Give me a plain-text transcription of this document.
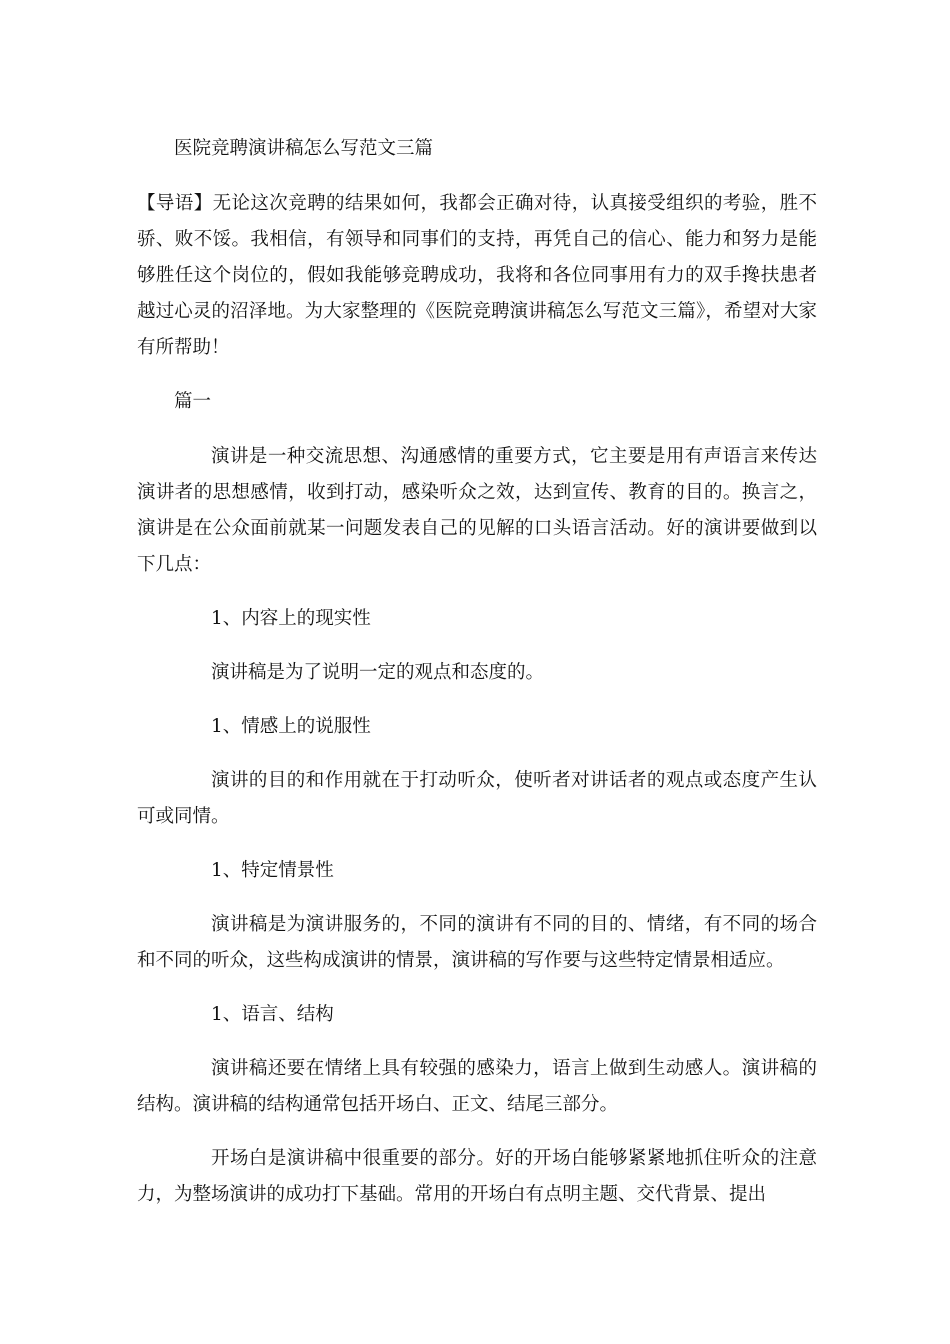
医院竞聘演讲稿怎么写范文三篇

【导语】无论这次竞聘的结果如何，我都会正确对待，认真接受组织的考验，胜不骄、败不馁。我相信，有领导和同事们的支持，再凭自己的信心、能力和努力是能够胜任这个岗位的，假如我能够竞聘成功，我将和各位同事用有力的双手搀扶患者越过心灵的沼泽地。为大家整理的《医院竞聘演讲稿怎么写范文三篇》，希望对大家有所帮助！

篇一

演讲是一种交流思想、沟通感情的重要方式，它主要是用有声语言来传达演讲者的思想感情，收到打动，感染听众之效，达到宣传、教育的目的。换言之，演讲是在公众面前就某一问题发表自己的见解的口头语言活动。好的演讲要做到以下几点：

1、内容上的现实性

演讲稿是为了说明一定的观点和态度的。

1、情感上的说服性

演讲的目的和作用就在于打动听众，使听者对讲话者的观点或态度产生认可或同情。

1、特定情景性

演讲稿是为演讲服务的，不同的演讲有不同的目的、情绪，有不同的场合和不同的听众，这些构成演讲的情景，演讲稿的写作要与这些特定情景相适应。

1、语言、结构

演讲稿还要在情绪上具有较强的感染力，语言上做到生动感人。演讲稿的结构。演讲稿的结构通常包括开场白、正文、结尾三部分。

开场白是演讲稿中很重要的部分。好的开场白能够紧紧地抓住听众的注意力，为整场演讲的成功打下基础。常用的开场白有点明主题、交代背景、提出
